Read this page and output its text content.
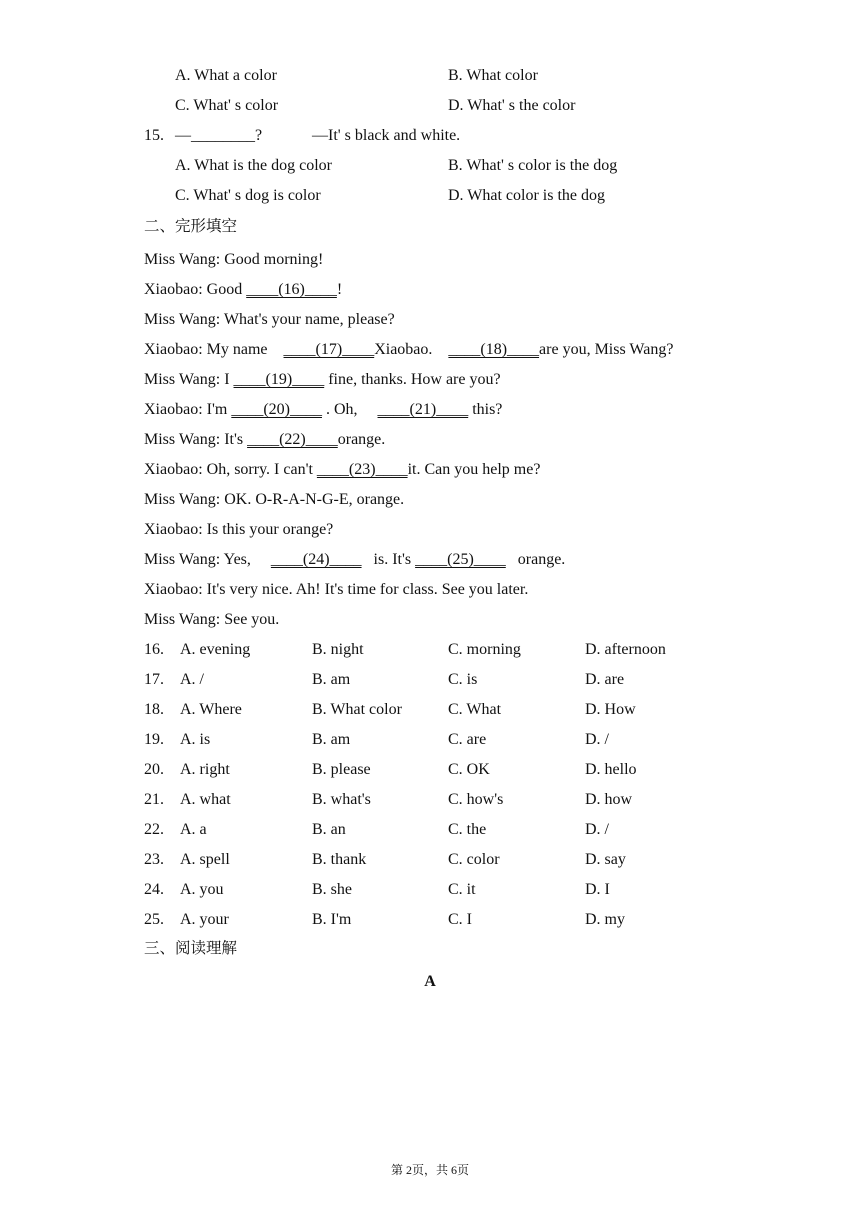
A. What a color	B. What color
C. What' s color	D. What' s the color
15. —________?	—It' s black and white.
A. What is the dog color	B. What' s color is the dog
C. What' s dog is color	D. What color is the dog
二、完形填空
Miss Wang: Good morning!
Xiaobao: Good ____(16)____!
Miss Wang: What's your name, please?
Xiaobao: My name    ____(17)____Xiaobao.    ____(18)____are you, Miss Wang?
Miss Wang: I ____(19)____ fine, thanks. How are you?
Xiaobao: I'm ____(20)____ . Oh,     ____(21)____ this?
Miss Wang: It's ____(22)____orange.
Xiaobao: Oh, sorry. I can't ____(23)____it. Can you help me?
Miss Wang: OK. O-R-A-N-G-E, orange.
Xiaobao: Is this your orange?
Miss Wang: Yes,     ____(24)____   is. It's ____(25)____   orange.
Xiaobao: It's very nice. Ah! It's time for class. See you later.
Miss Wang: See you.
16. A. evening	B. night	C. morning	D. afternoon
17. A. /	B. am	C. is	D. are
18. A. Where	B. What color	C. What	D. How
19. A. is	B. am	C. are	D. /
20. A. right	B. please	C. OK	D. hello
21. A. what	B. what's	C. how's	D. how
22. A. a	B. an	C. the	D. /
23. A. spell	B. thank	C. color	D. say
24. A. you	B. she	C. it	D. I
25. A. your	B. I'm	C. I	D. my
三、阅读理解
A
第 2页，共 6页
